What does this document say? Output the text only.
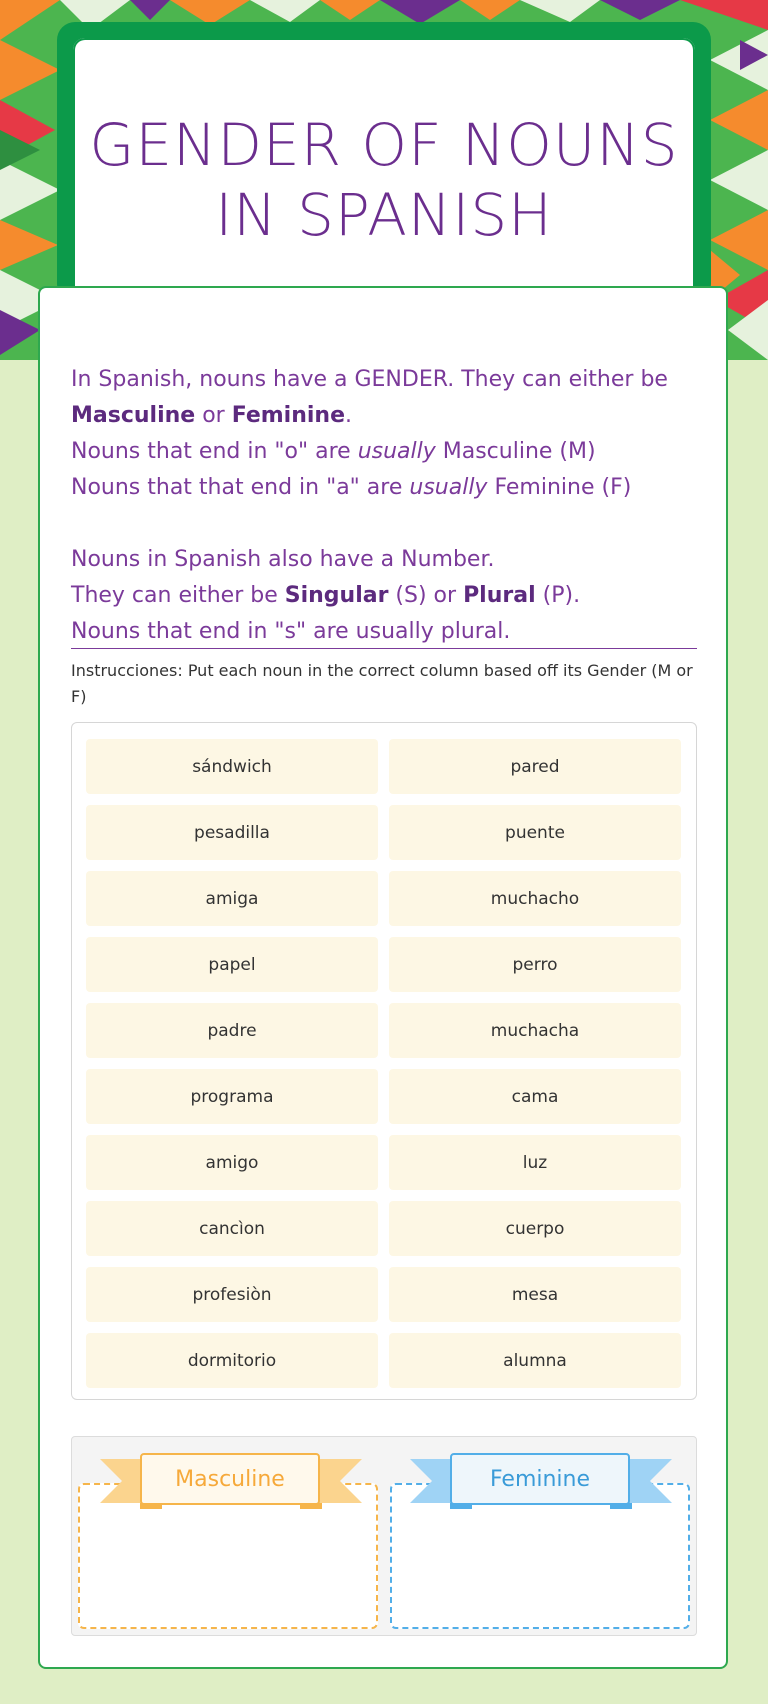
GENDER OF NOUNS IN SPANISH
In Spanish, nouns have a GENDER. They can either be Masculine or Feminine.
Nouns that end in "o" are usually Masculine (M)
Nouns that that end in "a" are usually Feminine (F)
Nouns in Spanish also have a Number.
They can either be Singular (S) or Plural (P).
Nouns that end in "s" are usually plural.
Instrucciones: Put each noun in the correct column based off its Gender (M or F)
sándwich	pared
pesadilla	puente
amiga	muchacho
papel	perro
padre	muchacha
programa	cama
amigo	luz
cancìon	cuerpo
profesiòn	mesa
dormitorio	alumna
Masculine	Feminine
